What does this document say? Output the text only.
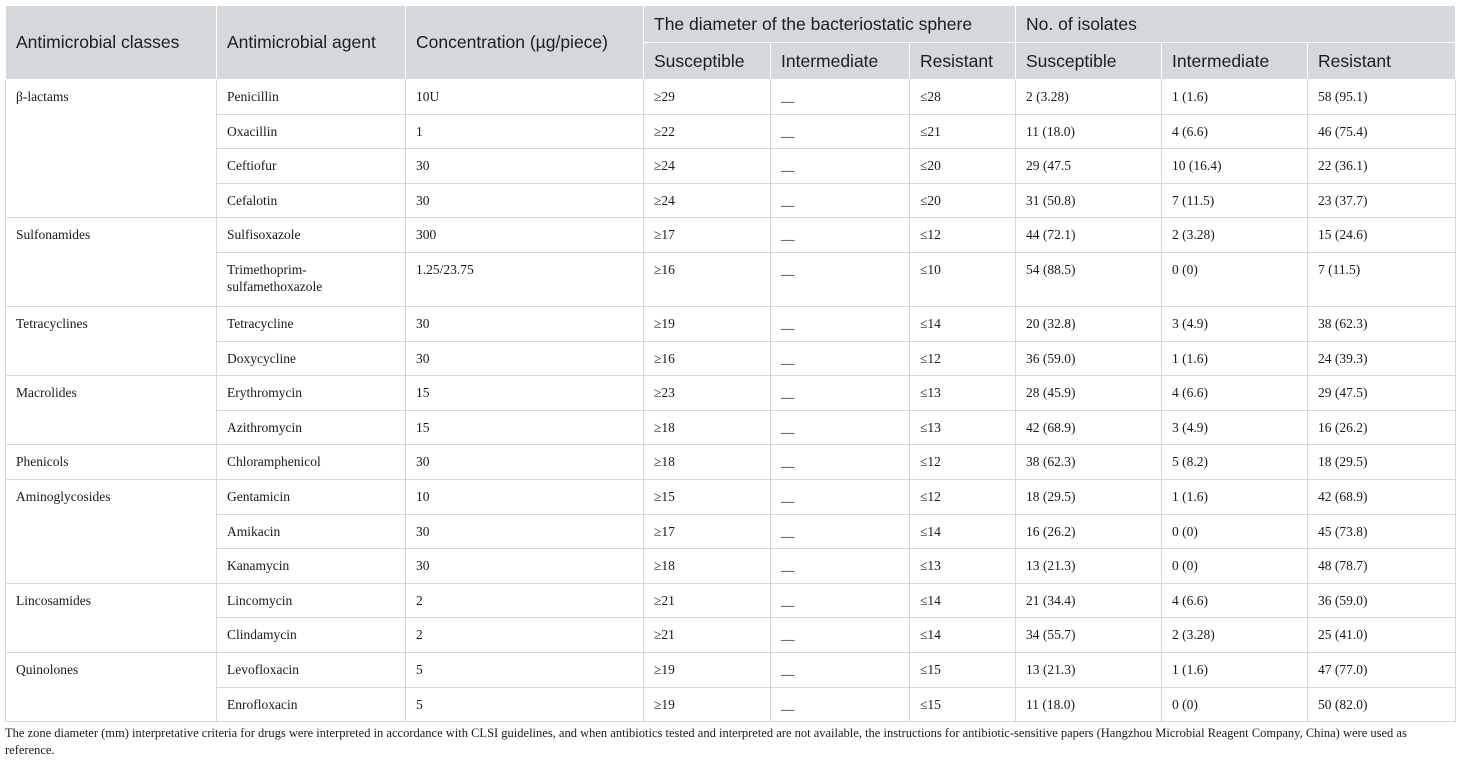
Antimicrobial classes	Antimicrobial agent	Concentration (µg/piece)	The diameter of the bacteriostatic sphere			No. of isolates		
			Susceptible	Intermediate	Resistant	Susceptible	Intermediate	Resistant
β-lactams	Penicillin	10U	≥29	__	≤28	2 (3.28)	1 (1.6)	58 (95.1)
	Oxacillin	1	≥22	__	≤21	11 (18.0)	4 (6.6)	46 (75.4)
	Ceftiofur	30	≥24	__	≤20	29 (47.5	10 (16.4)	22 (36.1)
	Cefalotin	30	≥24	__	≤20	31 (50.8)	7 (11.5)	23 (37.7)
Sulfonamides	Sulfisoxazole	300	≥17	__	≤12	44 (72.1)	2 (3.28)	15 (24.6)
	Trimethoprim-sulfamethoxazole	1.25/23.75	≥16	__	≤10	54 (88.5)	0 (0)	7 (11.5)
Tetracyclines	Tetracycline	30	≥19	__	≤14	20 (32.8)	3 (4.9)	38 (62.3)
	Doxycycline	30	≥16	__	≤12	36 (59.0)	1 (1.6)	24 (39.3)
Macrolides	Erythromycin	15	≥23	__	≤13	28 (45.9)	4 (6.6)	29 (47.5)
	Azithromycin	15	≥18	__	≤13	42 (68.9)	3 (4.9)	16 (26.2)
Phenicols	Chloramphenicol	30	≥18	__	≤12	38 (62.3)	5 (8.2)	18 (29.5)
Aminoglycosides	Gentamicin	10	≥15	__	≤12	18 (29.5)	1 (1.6)	42 (68.9)
	Amikacin	30	≥17	__	≤14	16 (26.2)	0 (0)	45 (73.8)
	Kanamycin	30	≥18	__	≤13	13 (21.3)	0 (0)	48 (78.7)
Lincosamides	Lincomycin	2	≥21	__	≤14	21 (34.4)	4 (6.6)	36 (59.0)
	Clindamycin	2	≥21	__	≤14	34 (55.7)	2 (3.28)	25 (41.0)
Quinolones	Levofloxacin	5	≥19	__	≤15	13 (21.3)	1 (1.6)	47 (77.0)
	Enrofloxacin	5	≥19	__	≤15	11 (18.0)	0 (0)	50 (82.0)
The zone diameter (mm) interpretative criteria for drugs were interpreted in accordance with CLSI guidelines, and when antibiotics tested and interpreted are not available, the instructions for antibiotic-sensitive papers (Hangzhou Microbial Reagent Company, China) were used as reference.
